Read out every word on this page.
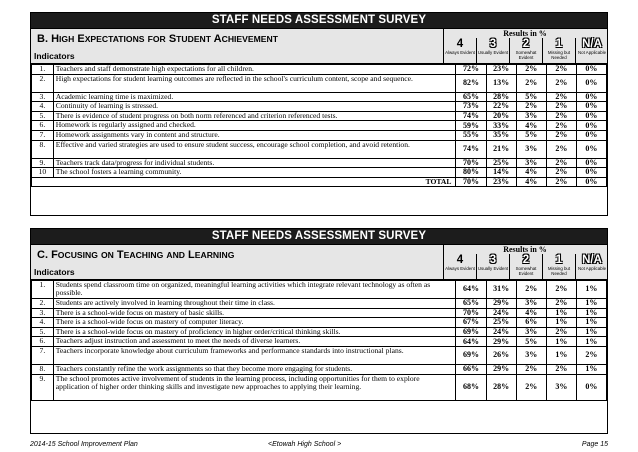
STAFF NEEDS ASSESSMENT SURVEY
B. HIGH EXPECTATIONS FOR STUDENT ACHIEVEMENT
Indicators
Results in %
4
Always Evident
3
Usually Evident
2
Somewhat Evident
1
Missing but Needed
N/A
Not Applicable
1.	Teachers and staff demonstrate high expectations for all children.	72%	23%	2%	2%	0%
2.	High expectations for student learning outcomes are reflected in the school's curriculum content, scope and sequence.	82%	13%	2%	2%	0%
3.	Academic learning time is maximized.	65%	28%	5%	2%	0%
4.	Continuity of learning is stressed.	73%	22%	2%	2%	0%
5.	There is evidence of student progress on both norm referenced and criterion referenced tests.	74%	20%	3%	2%	0%
6.	Homework is regularly assigned and checked.	59%	33%	4%	2%	0%
7.	Homework assignments vary in content and structure.	55%	35%	5%	2%	0%
8.	Effective and varied strategies are used to ensure student success, encourage school completion, and avoid retention.	74%	21%	3%	2%	0%
9.	Teachers track data/progress for individual students.	70%	25%	3%	2%	0%
10	The school fosters a learning community.	80%	14%	4%	2%	0%
TOTAL		70%	23%	4%	2%	0%
STAFF NEEDS ASSESSMENT SURVEY
C. FOCUSING ON TEACHING AND LEARNING
Indicators
Results in %
4
Always Evident
3
Usually Evident
2
Somewhat Evident
1
Missing but Needed
N/A
Not Applicable
1.	Students spend classroom time on organized, meaningful learning activities which integrate relevant technology as often as possible.	64%	31%	2%	2%	1%
2.	Students are actively involved in learning throughout their time in class.	65%	29%	3%	2%	1%
3.	There is a school-wide focus on mastery of basic skills.	70%	24%	4%	1%	1%
4.	There is a school-wide focus on mastery of computer literacy.	67%	25%	6%	1%	1%
5.	There is a school-wide focus on mastery of proficiency in higher order/critical thinking skills.	69%	24%	3%	2%	1%
6.	Teachers adjust instruction and assessment to meet the needs of diverse learners.	64%	29%	5%	1%	1%
7.	Teachers incorporate knowledge about curriculum frameworks and performance standards into instructional plans.	69%	26%	3%	1%	2%
8.	Teachers constantly refine the work assignments so that they become more engaging for students.	66%	29%	2%	2%	1%
9.	The school promotes active involvement of students in the learning process, including opportunities for them to explore application of higher order thinking skills and investigate new approaches to applying their learning.	68%	28%	2%	3%	0%
2014-15 School Improvement Plan	<Etowah High School >	Page 15
